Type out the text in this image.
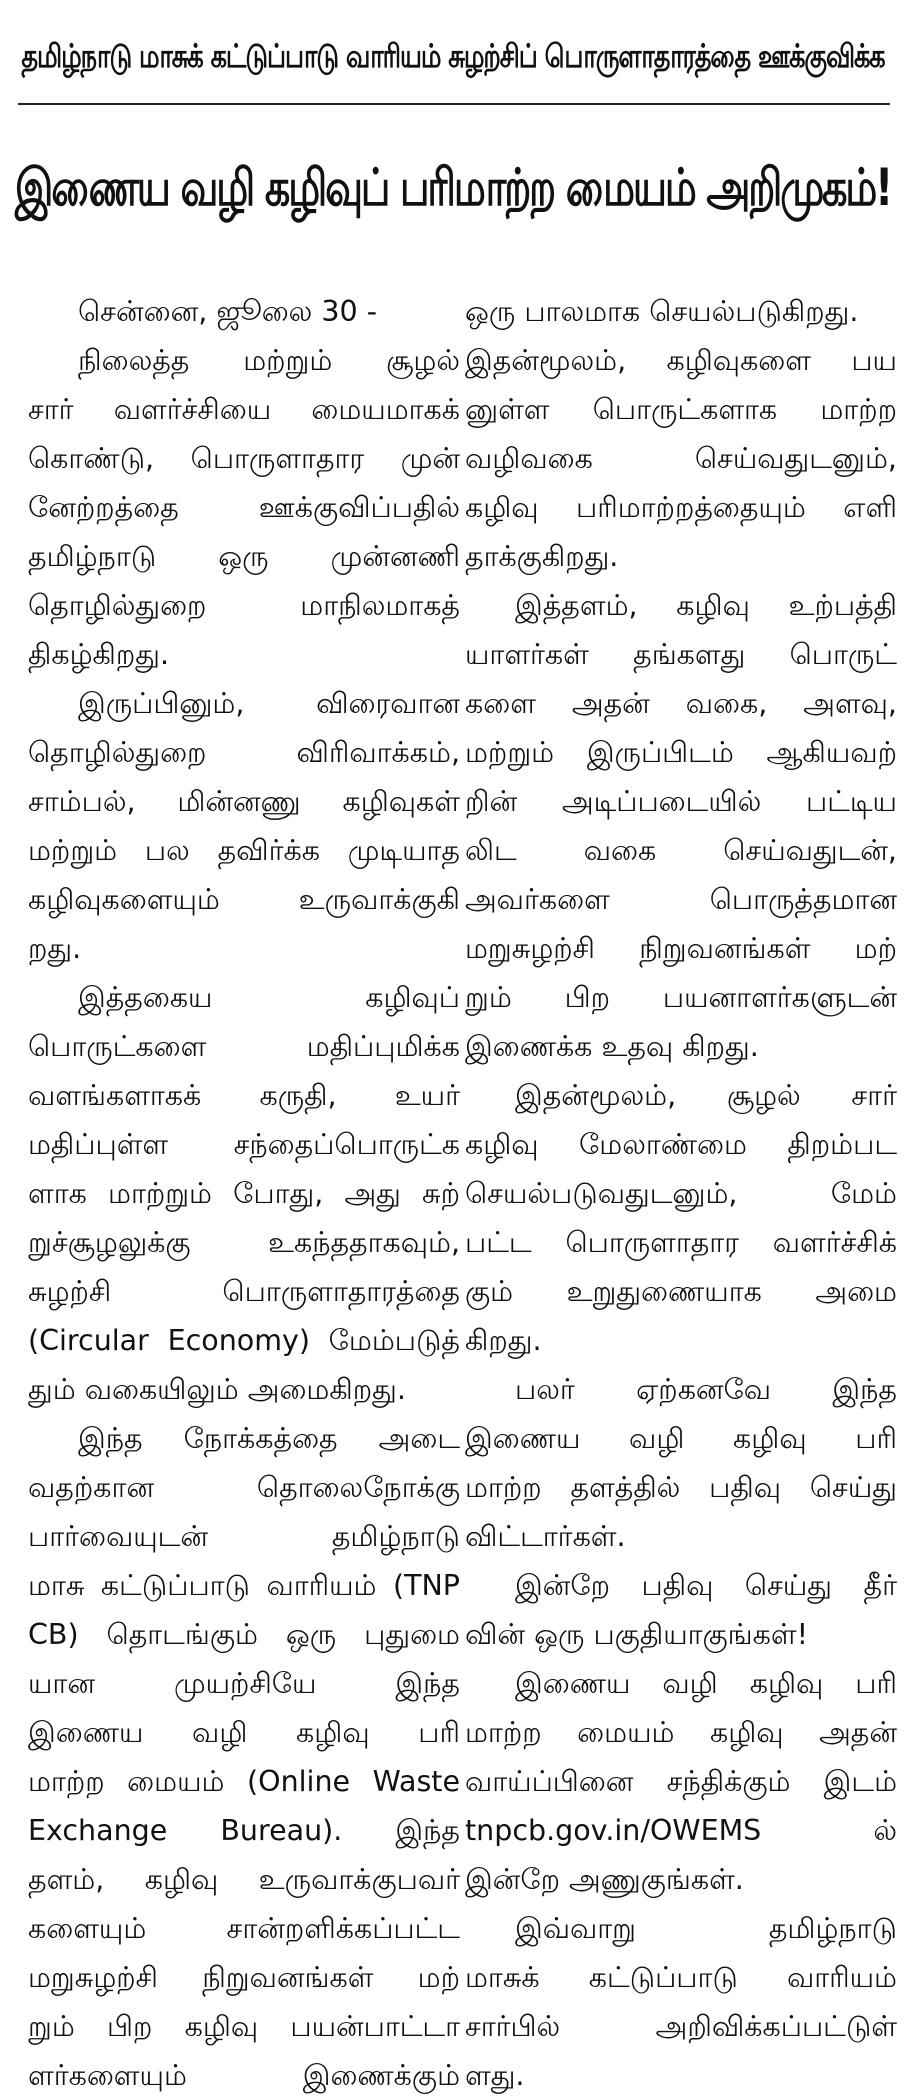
தமிழ்நாடு மாசுக் கட்டுப்பாடு வாரியம் சுழற்சிப் பொருளாதாரத்தை ஊக்குவிக்க
இணைய வழி கழிவுப் பரிமாற்ற மையம் அறிமுகம்!
சென்னை, ஜூலை 30 -
நிலைத்த மற்றும் சூழல்
சார் வளர்ச்சியை மையமாகக்
கொண்டு, பொருளாதார முன்
னேற்றத்தை ஊக்குவிப்பதில்
தமிழ்நாடு ஒரு முன்னணி
தொழில்துறை மாநிலமாகத்
திகழ்கிறது.
இருப்பினும், விரைவான
தொழில்துறை விரிவாக்கம்,
சாம்பல், மின்னணு கழிவுகள்
மற்றும் பல தவிர்க்க முடியாத
கழிவுகளையும் உருவாக்குகி
றது.
இத்தகைய கழிவுப்
பொருட்களை மதிப்புமிக்க
வளங்களாகக் கருதி, உயர்
மதிப்புள்ள சந்தைப்பொருட்க
ளாக மாற்றும் போது, அது சுற்
றுச்சூழலுக்கு உகந்ததாகவும்,
சுழற்சி பொருளாதாரத்தை
(Circular Economy) மேம்படுத்
தும் வகையிலும் அமைகிறது.
இந்த நோக்கத்தை அடை
வதற்கான தொலைநோக்கு
பார்வையுடன் தமிழ்நாடு
மாசு கட்டுப்பாடு வாரியம் (TNP
CB) தொடங்கும் ஒரு புதுமை
யான முயற்சியே இந்த
இணைய வழி கழிவு பரி
மாற்ற மையம் (Online Waste
Exchange Bureau). இந்த
தளம், கழிவு உருவாக்குபவர்
களையும் சான்றளிக்கப்பட்ட
மறுசுழற்சி நிறுவனங்கள் மற்
றும் பிற கழிவு பயன்பாட்டா
ளர்களையும் இணைக்கும்
ஒரு பாலமாக செயல்படுகிறது.
இதன்மூலம், கழிவுகளை பய
னுள்ள பொருட்களாக மாற்ற
வழிவகை செய்வதுடனும்,
கழிவு பரிமாற்றத்தையும் எளி
தாக்குகிறது.
இத்தளம், கழிவு உற்பத்தி
யாளர்கள் தங்களது பொருட்
களை அதன் வகை, அளவு,
மற்றும் இருப்பிடம் ஆகியவற்
றின் அடிப்படையில் பட்டிய
லிட வகை செய்வதுடன்,
அவர்களை பொருத்தமான
மறுசுழற்சி நிறுவனங்கள் மற்
றும் பிற பயனாளர்களுடன்
இணைக்க உதவு கிறது.
இதன்மூலம், சூழல் சார்
கழிவு மேலாண்மை திறம்பட
செயல்படுவதுடனும், மேம்
பட்ட பொருளாதார வளர்ச்சிக்
கும் உறுதுணையாக அமை
கிறது.
பலர் ஏற்கனவே இந்த
இணைய வழி கழிவு பரி
மாற்ற தளத்தில் பதிவு செய்து
விட்டார்கள்.
இன்றே பதிவு செய்து தீர்
வின் ஒரு பகுதியாகுங்கள்!
இணைய வழி கழிவு பரி
மாற்ற மையம் கழிவு அதன்
வாய்ப்பினை சந்திக்கும் இடம்
tnpcb.gov.in/OWEMS ல்
இன்றே அணுகுங்கள்.
இவ்வாறு தமிழ்நாடு
மாசுக் கட்டுப்பாடு வாரியம்
சார்பில் அறிவிக்கப்பட்டுள்
ளது.
